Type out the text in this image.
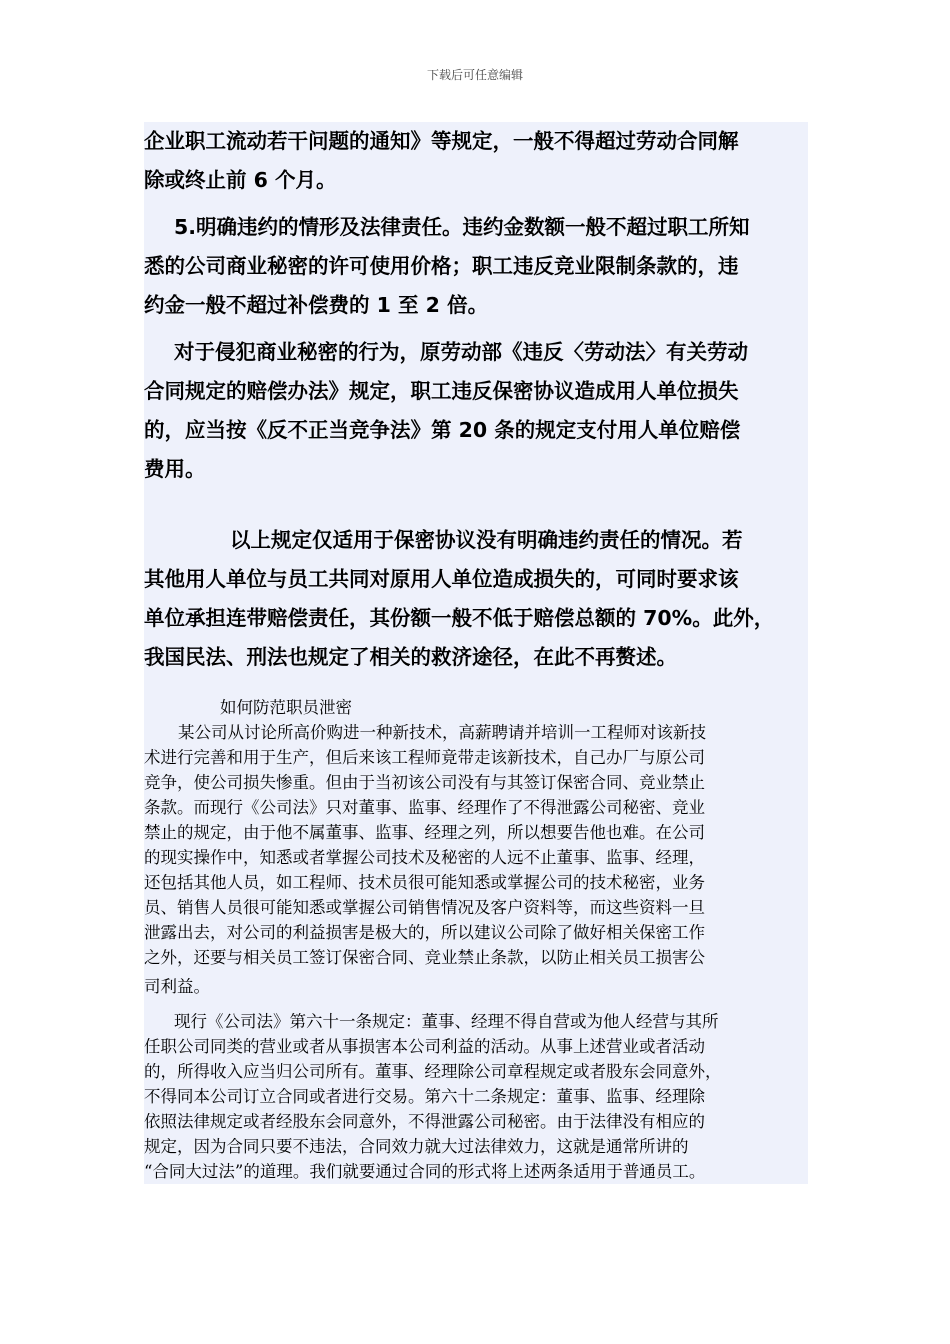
下载后可任意编辑

企业职工流动若干问题的通知》等规定，一般不得超过劳动合同解

除或终止前 6 个月。

5.明确违约的情形及法律责任。违约金数额一般不超过职工所知

悉的公司商业秘密的许可使用价格；职工违反竞业限制条款的，违

约金一般不超过补偿费的 1 至 2 倍。

对于侵犯商业秘密的行为，原劳动部《违反〈劳动法〉有关劳动

合同规定的赔偿办法》规定，职工违反保密协议造成用人单位损失

的，应当按《反不正当竞争法》第 20 条的规定支付用人单位赔偿

费用。

以上规定仅适用于保密协议没有明确违约责任的情况。若

其他用人单位与员工共同对原用人单位造成损失的，可同时要求该

单位承担连带赔偿责任，其份额一般不低于赔偿总额的 70%。此外，

我国民法、刑法也规定了相关的救济途径，在此不再赘述。

如何防范职员泄密

某公司从讨论所高价购进一种新技术，高薪聘请并培训一工程师对该新技

术进行完善和用于生产，但后来该工程师竟带走该新技术，自己办厂与原公司

竞争，使公司损失惨重。但由于当初该公司没有与其签订保密合同、竞业禁止

条款。而现行《公司法》只对董事、监事、经理作了不得泄露公司秘密、竞业

禁止的规定，由于他不属董事、监事、经理之列，所以想要告他也难。在公司

的现实操作中，知悉或者掌握公司技术及秘密的人远不止董事、监事、经理，

还包括其他人员，如工程师、技术员很可能知悉或掌握公司的技术秘密，业务

员、销售人员很可能知悉或掌握公司销售情况及客户资料等，而这些资料一旦

泄露出去，对公司的利益损害是极大的，所以建议公司除了做好相关保密工作

之外，还要与相关员工签订保密合同、竞业禁止条款，以防止相关员工损害公

司利益。

现行《公司法》第六十一条规定：董事、经理不得自营或为他人经营与其所

任职公司同类的营业或者从事损害本公司利益的活动。从事上述营业或者活动

的，所得收入应当归公司所有。董事、经理除公司章程规定或者股东会同意外，

不得同本公司订立合同或者进行交易。第六十二条规定：董事、监事、经理除

依照法律规定或者经股东会同意外，不得泄露公司秘密。由于法律没有相应的

规定，因为合同只要不违法，合同效力就大过法律效力，这就是通常所讲的

“合同大过法”的道理。我们就要通过合同的形式将上述两条适用于普通员工。
